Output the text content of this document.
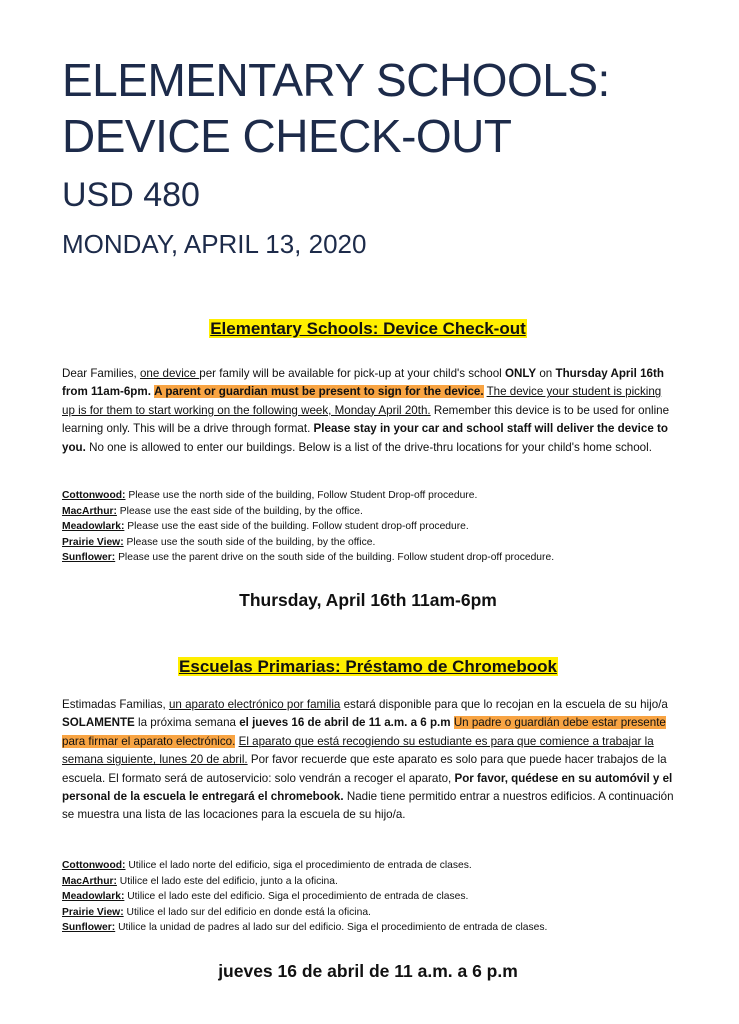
ELEMENTARY SCHOOLS:
DEVICE CHECK-OUT
USD 480
MONDAY, APRIL 13, 2020
Elementary Schools: Device Check-out
Dear Families, one device per family will be available for pick-up at your child's school ONLY on Thursday April 16th from 11am-6pm. A parent or guardian must be present to sign for the device. The device your student is picking up is for them to start working on the following week, Monday April 20th. Remember this device is to be used for online learning only. This will be a drive through format. Please stay in your car and school staff will deliver the device to you. No one is allowed to enter our buildings. Below is a list of the drive-thru locations for your child's home school.
Cottonwood: Please use the north side of the building, Follow Student Drop-off procedure.
MacArthur: Please use the east side of the building, by the office.
Meadowlark: Please use the east side of the building. Follow student drop-off procedure.
Prairie View: Please use the south side of the building, by the office.
Sunflower: Please use the parent drive on the south side of the building. Follow student drop-off procedure.
Thursday, April 16th 11am-6pm
Escuelas Primarias: Préstamo de Chromebook
Estimadas Familias, un aparato electrónico por familia estará disponible para que lo recojan en la escuela de su hijo/a SOLAMENTE la próxima semana el jueves 16 de abril de 11 a.m. a 6 p.m Un padre o guardián debe estar presente para firmar el aparato electrónico. El aparato que está recogiendo su estudiante es para que comience a trabajar la semana siguiente, lunes 20 de abril. Por favor recuerde que este aparato es solo para que puede hacer trabajos de la escuela. El formato será de autoservicio: solo vendrán a recoger el aparato, Por favor, quédese en su automóvil y el personal de la escuela le entregará el chromebook. Nadie tiene permitido entrar a nuestros edificios. A continuación se muestra una lista de las locaciones para la escuela de su hijo/a.
Cottonwood: Utilice el lado norte del edificio, siga el procedimiento de entrada de clases.
MacArthur: Utilice el lado este del edificio, junto a la oficina.
Meadowlark: Utilice el lado este del edificio. Siga el procedimiento de entrada de clases.
Prairie View: Utilice el lado sur del edificio en donde está la oficina.
Sunflower: Utilice la unidad de padres al lado sur del edificio. Siga el procedimiento de entrada de clases.
jueves 16 de abril de 11 a.m. a 6 p.m
